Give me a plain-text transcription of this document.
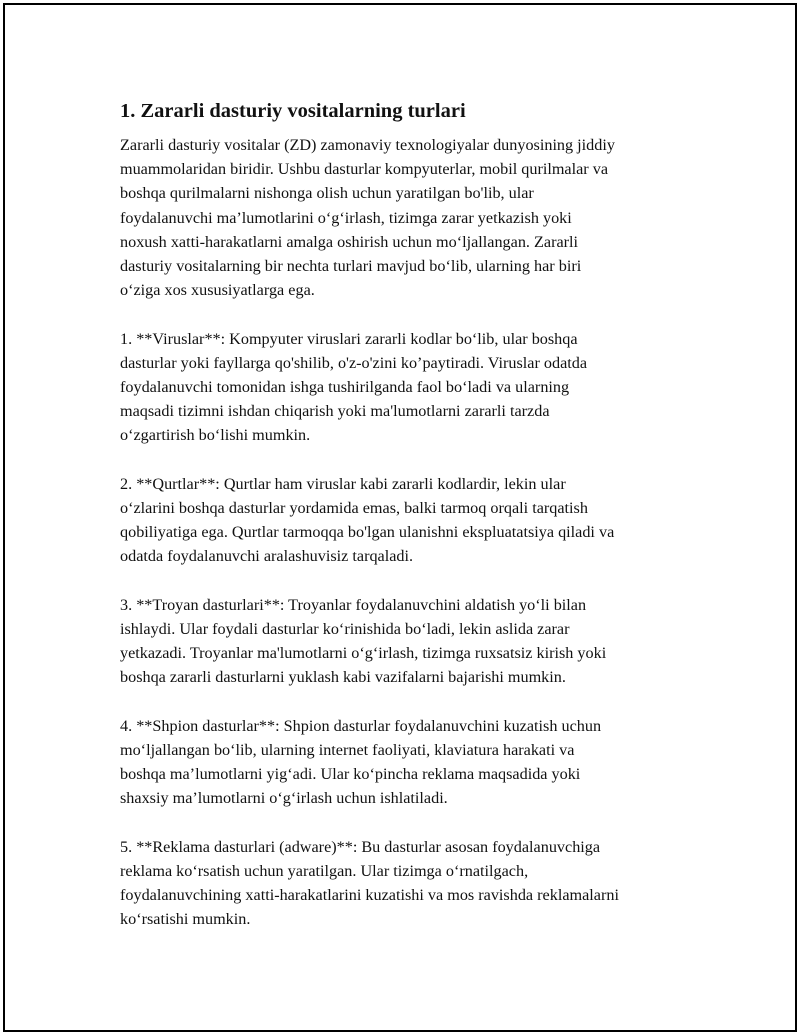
1. Zararli dasturiy vositalarning turlari

Zararli dasturiy vositalar (ZD) zamonaviy texnologiyalar dunyosining jiddiy
muammolaridan biridir. Ushbu dasturlar kompyuterlar, mobil qurilmalar va
boshqa qurilmalarni nishonga olish uchun yaratilgan bo'lib, ular
foydalanuvchi ma’lumotlarini o‘g‘irlash, tizimga zarar yetkazish yoki
noxush xatti-harakatlarni amalga oshirish uchun mo‘ljallangan. Zararli
dasturiy vositalarning bir nechta turlari mavjud bo‘lib, ularning har biri
o‘ziga xos xususiyatlarga ega.

1. **Viruslar**: Kompyuter viruslari zararli kodlar bo‘lib, ular boshqa
dasturlar yoki fayllarga qo'shilib, o'z-o'zini ko’paytiradi. Viruslar odatda
foydalanuvchi tomonidan ishga tushirilganda faol bo‘ladi va ularning
maqsadi tizimni ishdan chiqarish yoki ma'lumotlarni zararli tarzda
o‘zgartirish bo‘lishi mumkin.

2. **Qurtlar**: Qurtlar ham viruslar kabi zararli kodlardir, lekin ular
o‘zlarini boshqa dasturlar yordamida emas, balki tarmoq orqali tarqatish
qobiliyatiga ega. Qurtlar tarmoqqa bo'lgan ulanishni ekspluatatsiya qiladi va
odatda foydalanuvchi aralashuvisiz tarqaladi.

3. **Troyan dasturlari**: Troyanlar foydalanuvchini aldatish yo‘li bilan
ishlaydi. Ular foydali dasturlar ko‘rinishida bo‘ladi, lekin aslida zarar
yetkazadi. Troyanlar ma'lumotlarni o‘g‘irlash, tizimga ruxsatsiz kirish yoki
boshqa zararli dasturlarni yuklash kabi vazifalarni bajarishi mumkin.

4. **Shpion dasturlar**: Shpion dasturlar foydalanuvchini kuzatish uchun
mo‘ljallangan bo‘lib, ularning internet faoliyati, klaviatura harakati va
boshqa ma’lumotlarni yig‘adi. Ular ko‘pincha reklama maqsadida yoki
shaxsiy ma’lumotlarni o‘g‘irlash uchun ishlatiladi.

5. **Reklama dasturlari (adware)**: Bu dasturlar asosan foydalanuvchiga
reklama ko‘rsatish uchun yaratilgan. Ular tizimga o‘rnatilgach,
foydalanuvchining xatti-harakatlarini kuzatishi va mos ravishda reklamalarni
ko‘rsatishi mumkin.
